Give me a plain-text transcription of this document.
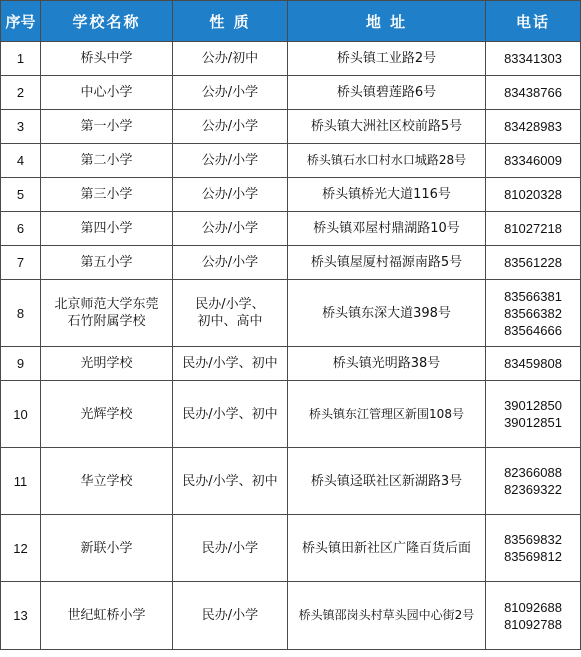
序号	学校名称	性 质	地 址	电话
1	桥头中学	公办/初中	桥头镇工业路2号	83341303

2	中心小学	公办/小学	桥头镇碧莲路6号	83438766

3	第一小学	公办/小学	桥头镇大洲社区校前路5号	83428983

4	第二小学	公办/小学	桥头镇石水口村水口城路28号	83346009

5	第三小学	公办/小学	桥头镇桥光大道116号	81020328

6	第四小学	公办/小学	桥头镇邓屋村鼎湖路10号	81027218

7	第五小学	公办/小学	桥头镇屋厦村福源南路5号	83561228

8	北京师范大学东莞
石竹附属学校	民办/小学、
初中、高中	桥头镇东深大道398号	83566381
83566382
83564666

9	光明学校	民办/小学、初中	桥头镇光明路38号	83459808

10	光辉学校	民办/小学、初中	桥头镇东江管理区新围108号	39012850
39012851

11	华立学校	民办/小学、初中	桥头镇迳联社区新湖路3号	82366088
82369322

12	新联小学	民办/小学	桥头镇田新社区广隆百货后面	83569832
83569812

13	世纪虹桥小学	民办/小学	桥头镇邵岗头村草头园中心街2号	81092688
81092788
